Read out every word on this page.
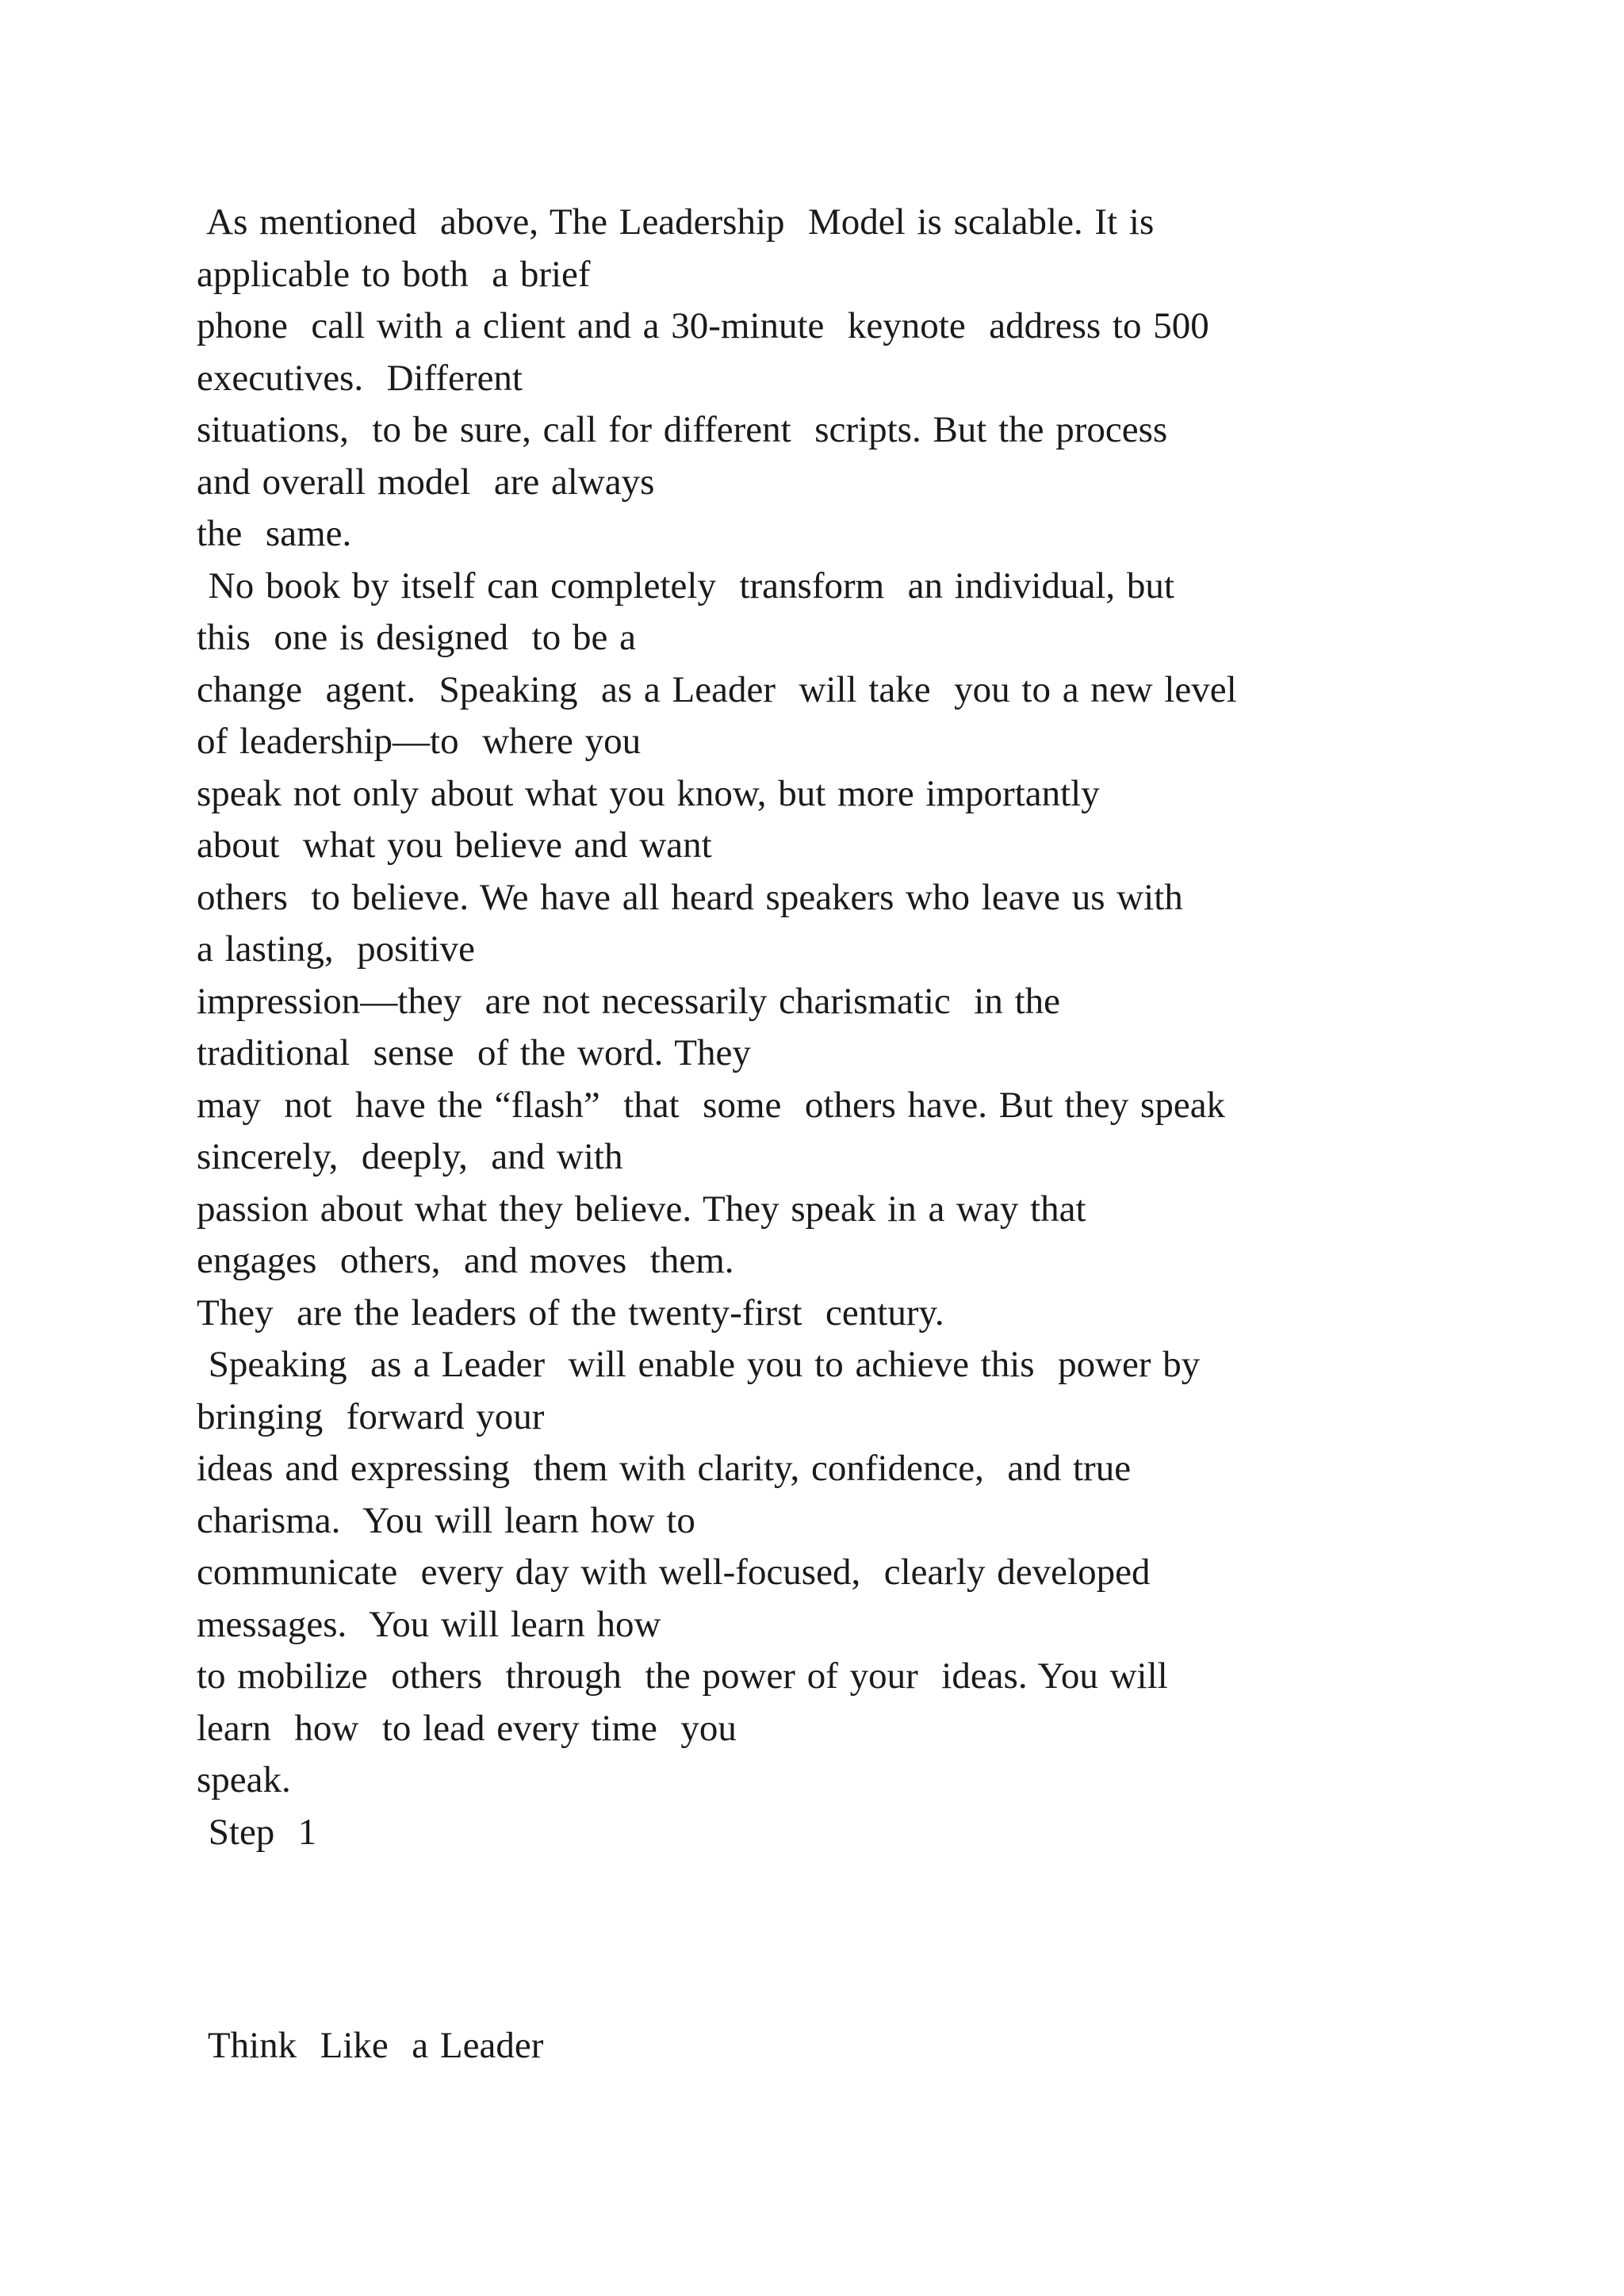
As mentioned  above, The Leadership  Model is scalable. It is
applicable to both  a brief
phone  call with a client and a 30-minute  keynote  address to 500
executives.  Different
situations,  to be sure, call for different  scripts. But the process
and overall model  are always
the  same.
No book by itself can completely  transform  an individual, but
this  one is designed  to be a
change  agent.  Speaking  as a Leader  will take  you to a new level
of leadership—to  where you
speak not only about what you know, but more importantly
about  what you believe and want
others  to believe. We have all heard speakers who leave us with
a lasting,  positive
impression—they  are not necessarily charismatic  in the
traditional  sense  of the word. They
may  not  have the “flash”  that  some  others have. But they speak
sincerely,  deeply,  and with
passion about what they believe. They speak in a way that
engages  others,  and moves  them.
They  are the leaders of the twenty-first  century.
Speaking  as a Leader  will enable you to achieve this  power by
bringing  forward your
ideas and expressing  them with clarity, confidence,  and true
charisma.  You will learn how to
communicate  every day with well-focused,  clearly developed
messages.  You will learn how
to mobilize  others  through  the power of your  ideas. You will
learn  how  to lead every time  you
speak.
Step  1
Think  Like  a Leader
